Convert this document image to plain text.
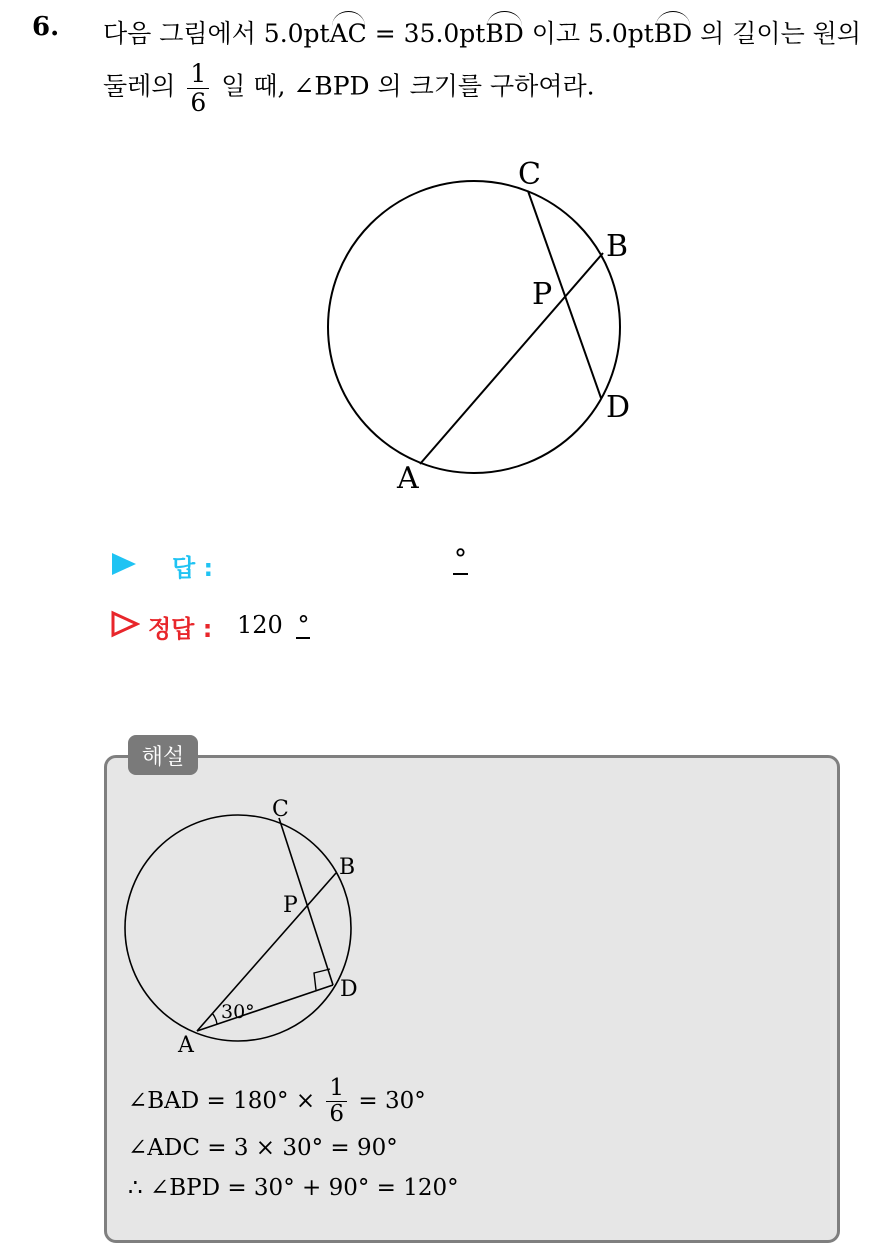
6. 다음 그림에서 5.0ptAC = 35.0ptBD 이고 5.0ptBD 의 길이는 원의
둘레의 $\frac{1}{6}$ 일 때, ∠BPD 의 크기를 구하여라.
C
B
P
D
A
답 :	°
정답 : 120 °
해설
30°
C
B
P
D
A
∠BAD = $180^\circ \times \frac{1}{6} = 30^\circ$
∠ADC = 3 × 30° = 90°
∴ ∠BPD = 30° + 90° = 120°
